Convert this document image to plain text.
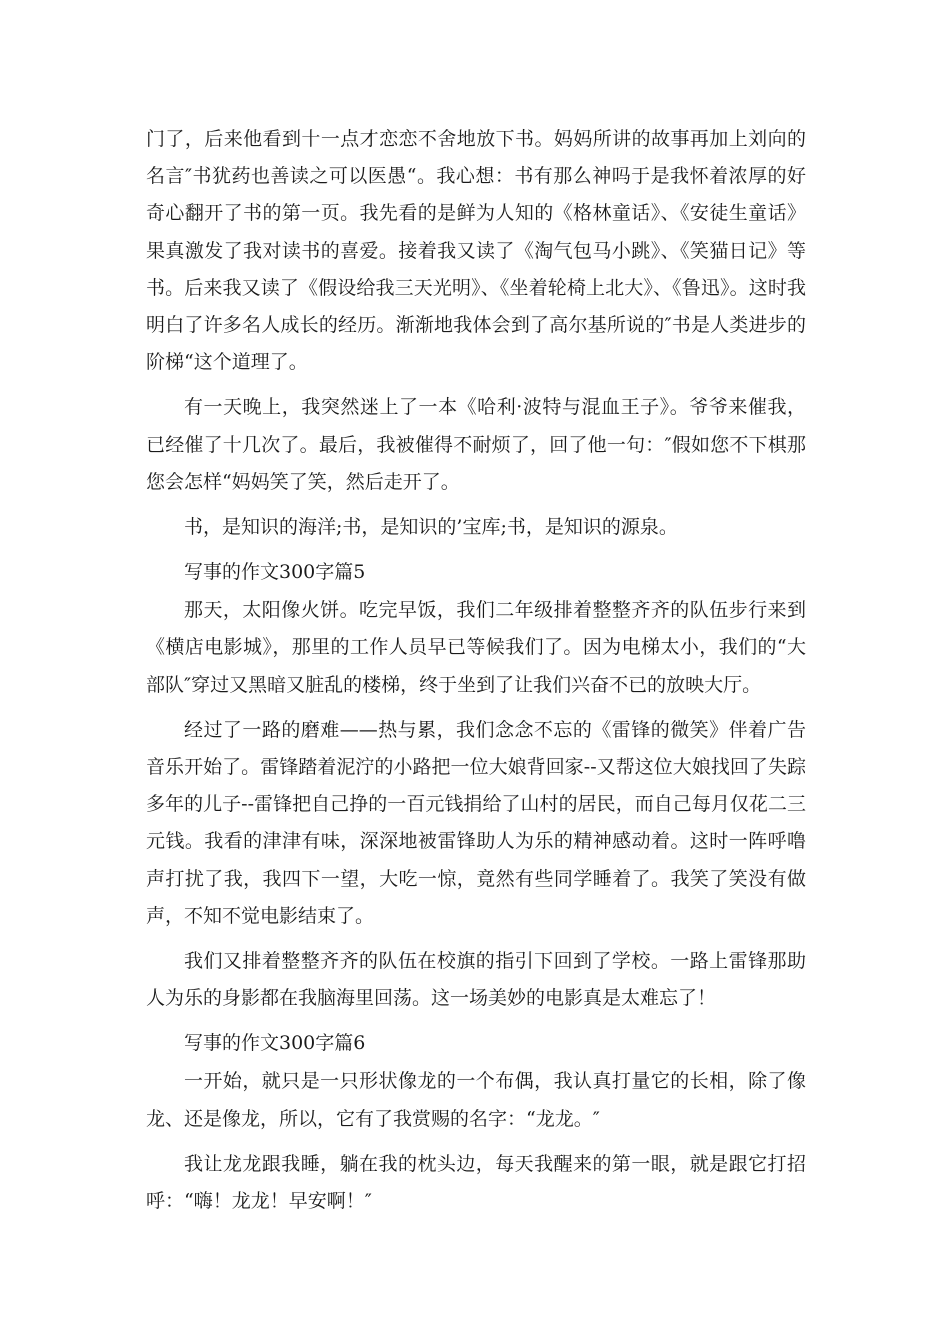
门了，后来他看到十一点才恋恋不舍地放下书。妈妈所讲的故事再加上刘向的名言″书犹药也善读之可以医愚“。我心想：书有那么神吗于是我怀着浓厚的好奇心翻开了书的第一页。我先看的是鲜为人知的《格林童话》、《安徒生童话》果真激发了我对读书的喜爱。接着我又读了《淘气包马小跳》、《笑猫日记》等书。后来我又读了《假设给我三天光明》、《坐着轮椅上北大》、《鲁迅》。这时我明白了许多名人成长的经历。渐渐地我体会到了高尔基所说的″书是人类进步的阶梯“这个道理了。

有一天晚上，我突然迷上了一本《哈利·波特与混血王子》。爷爷来催我，已经催了十几次了。最后，我被催得不耐烦了，回了他一句：″假如您不下棋那您会怎样“妈妈笑了笑，然后走开了。

书，是知识的海洋;书，是知识的’宝库;书，是知识的源泉。

写事的作文300字篇5

那天，太阳像火饼。吃完早饭，我们二年级排着整整齐齐的队伍步行来到《横店电影城》，那里的工作人员早已等候我们了。因为电梯太小，我们的“大部队″穿过又黑暗又脏乱的楼梯，终于坐到了让我们兴奋不已的放映大厅。

经过了一路的磨难——热与累，我们念念不忘的《雷锋的微笑》伴着广告音乐开始了。雷锋踏着泥泞的小路把一位大娘背回家--又帮这位大娘找回了失踪多年的儿子--雷锋把自己挣的一百元钱捐给了山村的居民，而自己每月仅花二三元钱。我看的津津有味，深深地被雷锋助人为乐的精神感动着。这时一阵呼噜声打扰了我，我四下一望，大吃一惊，竟然有些同学睡着了。我笑了笑没有做声，不知不觉电影结束了。

我们又排着整整齐齐的队伍在校旗的指引下回到了学校。一路上雷锋那助人为乐的身影都在我脑海里回荡。这一场美妙的电影真是太难忘了！

写事的作文300字篇6

一开始，就只是一只形状像龙的一个布偶，我认真打量它的长相，除了像龙、还是像龙，所以，它有了我赏赐的名字：“龙龙。″

我让龙龙跟我睡，躺在我的枕头边，每天我醒来的第一眼，就是跟它打招呼：“嗨！龙龙！早安啊！″
